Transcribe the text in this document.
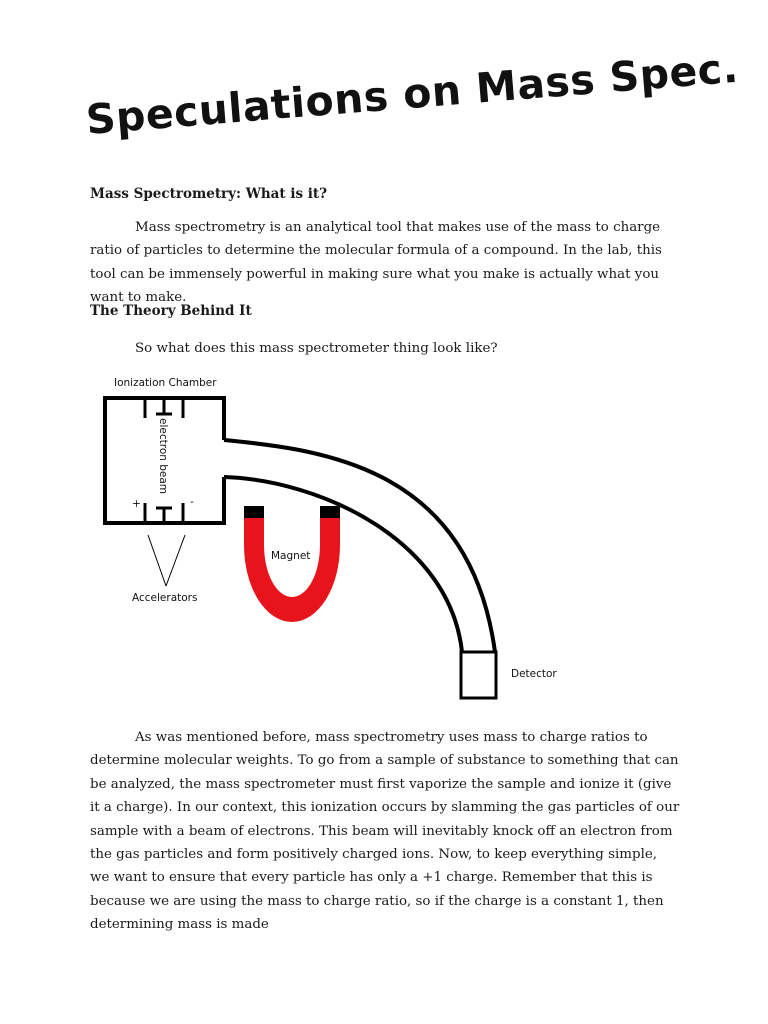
Speculations on Mass Spec.
Mass Spectrometry: What is it?

Mass spectrometry is an analytical tool that makes use of the mass to charge ratio of particles to determine the molecular formula of a compound. In the lab, this tool can be immensely powerful in making sure what you make is actually what you want to make.

The Theory Behind It

So what does this mass spectrometer thing look like?

Ionization Chamber
Detector
electron beam
+	-
Accelerators
Magnet

As was mentioned before, mass spectrometry uses mass to charge ratios to determine molecular weights. To go from a sample of substance to something that can be analyzed, the mass spectrometer must first vaporize the sample and ionize it (give it a charge). In our context, this ionization occurs by slamming the gas particles of our sample with a beam of electrons. This beam will inevitably knock off an electron from the gas particles and form positively charged ions. Now, to keep everything simple, we want to ensure that every particle has only a +1 charge. Remember that this is because we are using the mass to charge ratio, so if the charge is a constant 1, then determining mass is made
